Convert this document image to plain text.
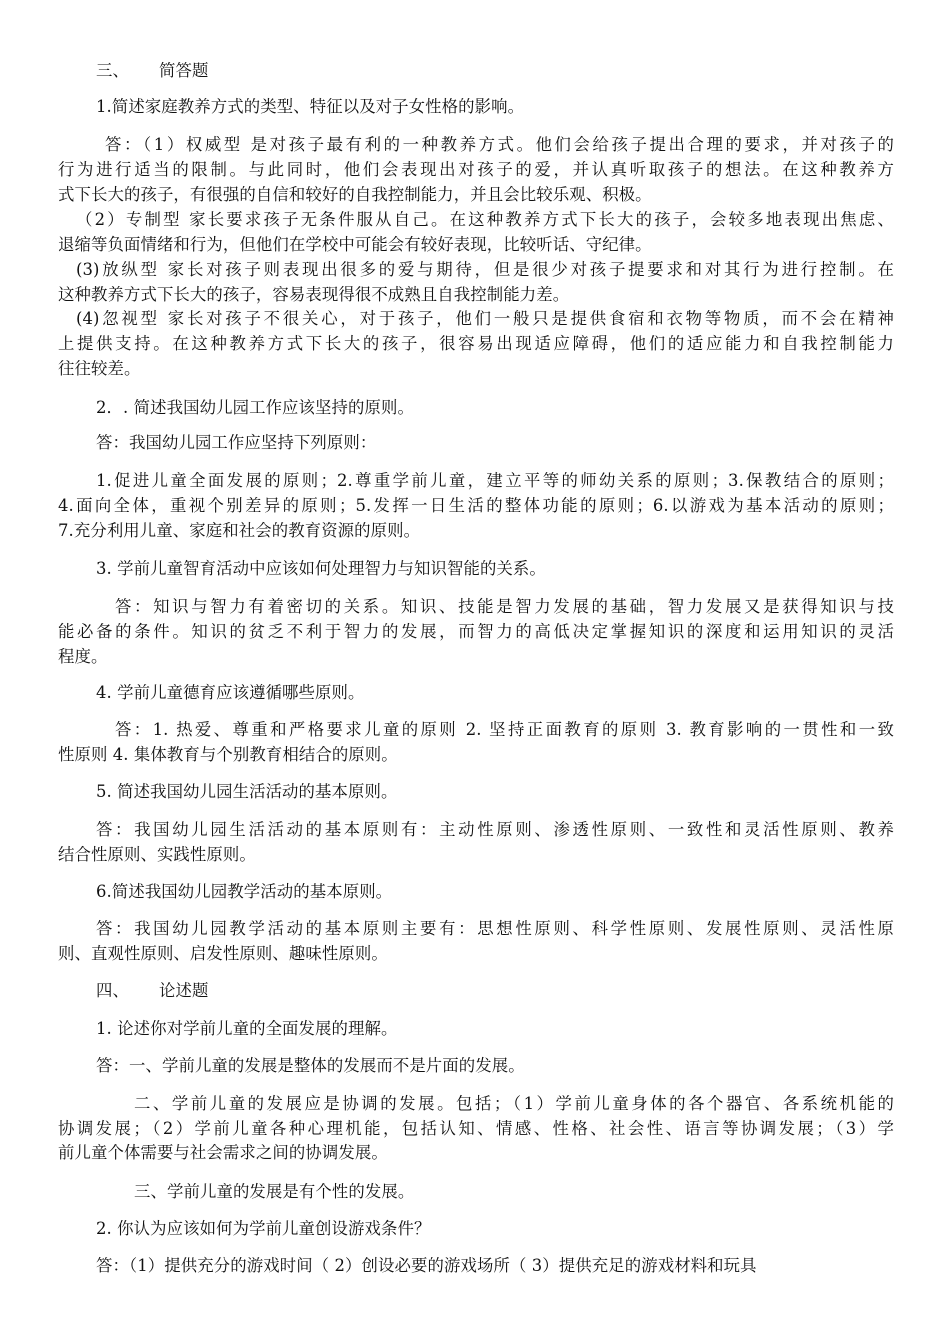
三、 简答题
1.简述家庭教养方式的类型、特征以及对子女性格的影响。
答：（1）权威型 是对孩子最有利的一种教养方式。他们会给孩子提出合理的要求，并对孩子的
行为进行适当的限制。与此同时，他们会表现出对孩子的爱，并认真听取孩子的想法。在这种教养方
式下长大的孩子，有很强的自信和较好的自我控制能力，并且会比较乐观、积极。
（2）专制型 家长要求孩子无条件服从自己。在这种教养方式下长大的孩子，会较多地表现出焦虑、
退缩等负面情绪和行为，但他们在学校中可能会有较好表现，比较听话、守纪律。
(3)放纵型 家长对孩子则表现出很多的爱与期待，但是很少对孩子提要求和对其行为进行控制。在
这种教养方式下长大的孩子，容易表现得很不成熟且自我控制能力差。
(4)忽视型 家长对孩子不很关心，对于孩子，他们一般只是提供食宿和衣物等物质，而不会在精神
上提供支持。在这种教养方式下长大的孩子，很容易出现适应障碍，他们的适应能力和自我控制能力
往往较差。
2．. 简述我国幼儿园工作应该坚持的原则。
答：我国幼儿园工作应坚持下列原则：
1.促进儿童全面发展的原则；2.尊重学前儿童，建立平等的师幼关系的原则；3.保教结合的原则；
4.面向全体，重视个别差异的原则；5.发挥一日生活的整体功能的原则；6.以游戏为基本活动的原则；
7.充分利用儿童、家庭和社会的教育资源的原则。
3. 学前儿童智育活动中应该如何处理智力与知识智能的关系。
答：知识与智力有着密切的关系。知识、技能是智力发展的基础，智力发展又是获得知识与技
能必备的条件。知识的贫乏不利于智力的发展，而智力的高低决定掌握知识的深度和运用知识的灵活
程度。
4. 学前儿童德育应该遵循哪些原则。
答：1. 热爱、尊重和严格要求儿童的原则 2. 坚持正面教育的原则 3. 教育影响的一贯性和一致
性原则 4. 集体教育与个别教育相结合的原则。
5. 简述我国幼儿园生活活动的基本原则。
答：我国幼儿园生活活动的基本原则有：主动性原则、渗透性原则、一致性和灵活性原则、教养
结合性原则、实践性原则。
6.简述我国幼儿园教学活动的基本原则。
答：我国幼儿园教学活动的基本原则主要有：思想性原则、科学性原则、发展性原则、灵活性原
则、直观性原则、启发性原则、趣味性原则。
四、 论述题
1. 论述你对学前儿童的全面发展的理解。
答：一、学前儿童的发展是整体的发展而不是片面的发展。
二、学前儿童的发展应是协调的发展。包括；（1）学前儿童身体的各个器官、各系统机能的
协调发展；（2）学前儿童各种心理机能，包括认知、情感、性格、社会性、语言等协调发展；（3）学
前儿童个体需要与社会需求之间的协调发展。
三、学前儿童的发展是有个性的发展。
2. 你认为应该如何为学前儿童创设游戏条件？
答：（1）提供充分的游戏时间（ 2）创设必要的游戏场所（ 3）提供充足的游戏材料和玩具
